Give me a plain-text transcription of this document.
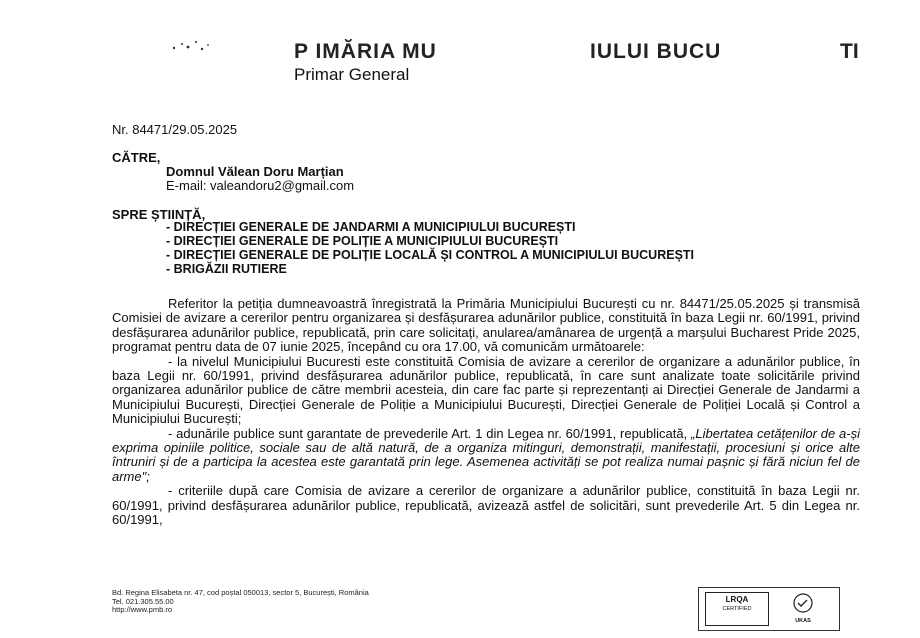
P IMĂRIA MU	IULUI BUCU	TI
Primar General
Nr. 84471/29.05.2025
CĂTRE,
Domnul Vălean Doru Marțian
E-mail: valeandoru2@gmail.com
SPRE ȘTIINȚĂ,
- DIRECȚIEI GENERALE DE JANDARMI A MUNICIPIULUI BUCUREȘTI
- DIRECȚIEI GENERALE DE POLIȚIE A MUNICIPIULUI BUCUREȘTI
- DIRECȚIEI GENERALE DE POLIȚIE LOCALĂ ȘI CONTROL A MUNICIPIULUI BUCUREȘTI
- BRIGĂZII RUTIERE

Referitor la petiția dumneavoastră înregistrată la Primăria Municipiului București cu nr. 84471/25.05.2025 și transmisă Comisiei de avizare a cererilor pentru organizarea și desfășurarea adunărilor publice, constituită în baza Legii nr. 60/1991, privind desfășurarea adunărilor publice, republicată, prin care solicitați, anularea/amânarea de urgență a marșului Bucharest Pride 2025, programat pentru data de 07 iunie 2025, începând cu ora 17.00, vă comunicăm următoarele:

- la nivelul Municipiului Bucuresti este constituită Comisia de avizare a cererilor de organizare a adunărilor publice, în baza Legii nr. 60/1991, privind desfășurarea adunărilor publice, republicată, în care sunt analizate toate solicitările privind organizarea adunărilor publice de către membrii acesteia, din care fac parte și reprezentanți ai Direcției Generale de Jandarmi a Municipiului București, Direcției Generale de Poliție a Municipiului București, Direcției Generale de Poliției Locală și Control a Municipiului București;

- adunările publice sunt garantate de prevederile Art. 1 din Legea nr. 60/1991, republicată, „Libertatea cetățenilor de a-și exprima opiniile politice, sociale sau de altă natură, de a organiza mitinguri, demonstrații, manifestații, procesiuni și orice alte întruniri și de a participa la acestea este garantată prin lege. Asemenea activități se pot realiza numai pașnic și fără niciun fel de arme";

- criteriile după care Comisia de avizare a cererilor de organizare a adunărilor publice, constituită în baza Legii nr. 60/1991, privind desfășurarea adunărilor publice, republicată, avizează astfel de solicitări, sunt prevederile Art. 5 din Legea nr. 60/1991,

Bd. Regina Elisabeta nr. 47, cod poștal 050013, sector 5, București, România
Tel. 021.305.55.00
http://www.pmb.ro
LRQA
CERTIFIED
UKAS
